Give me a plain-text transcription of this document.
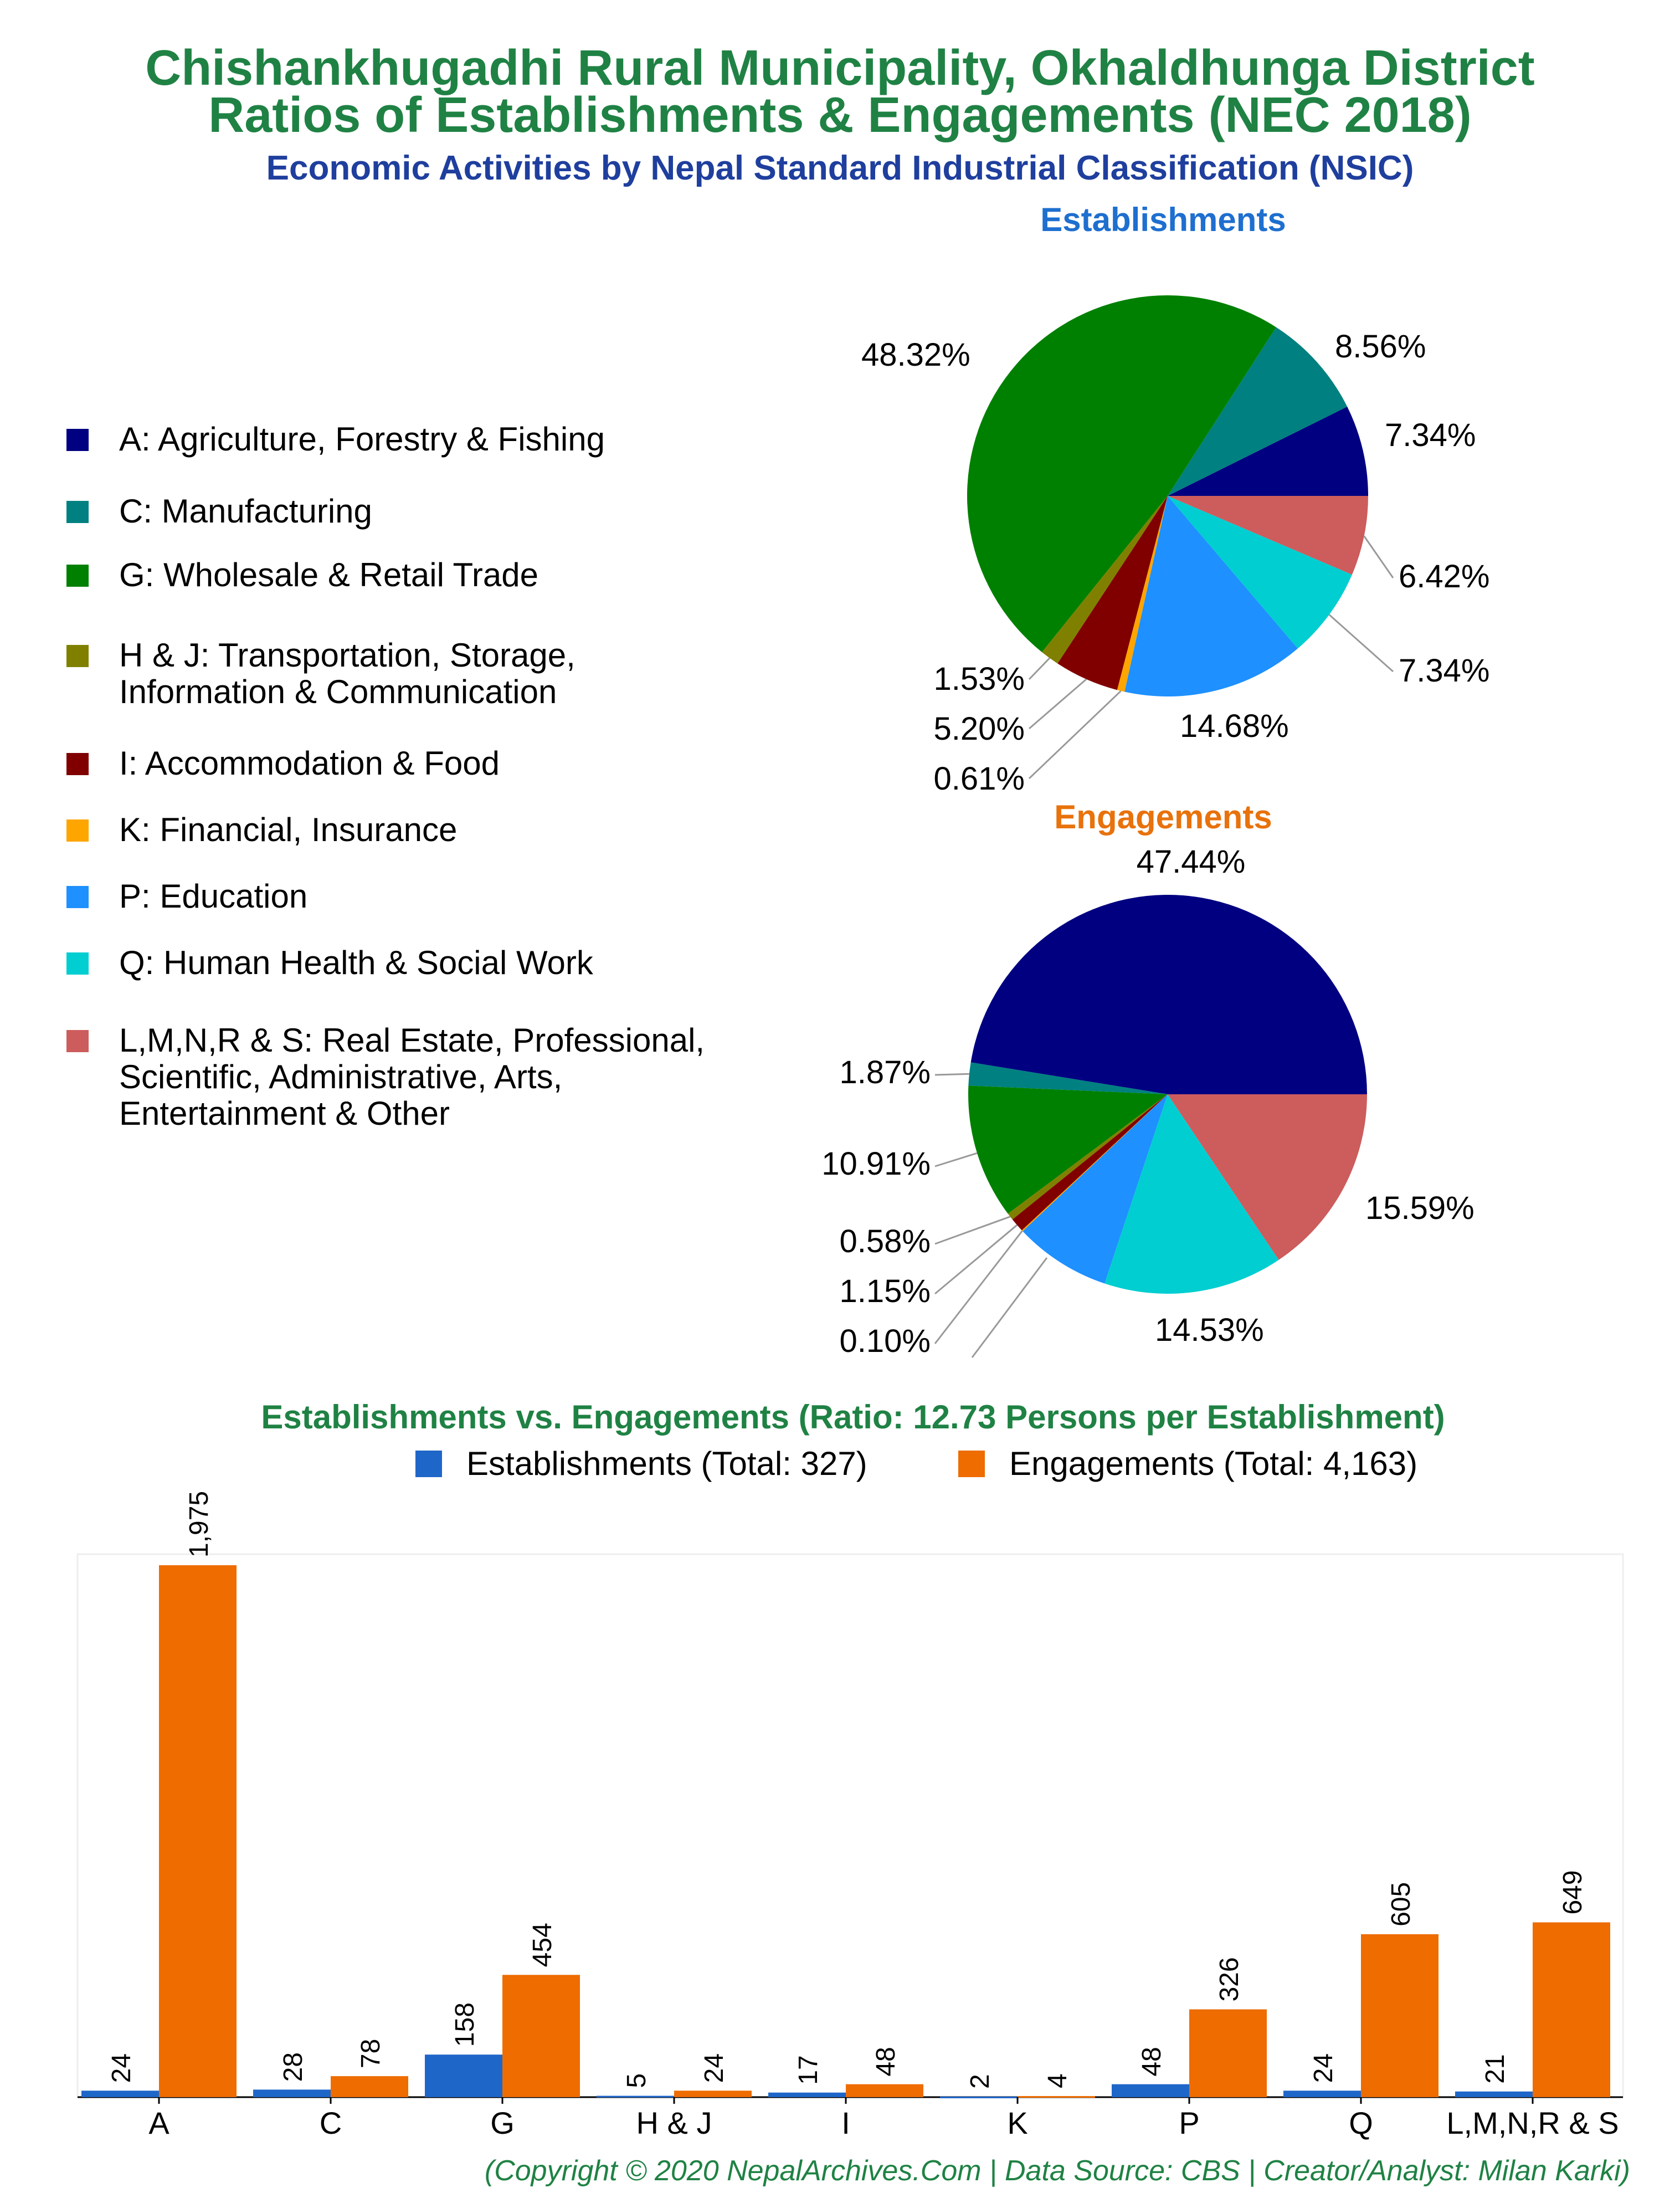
Chishankhugadhi Rural Municipality, Okhaldhunga District
Ratios of Establishments & Engagements (NEC 2018)
Economic Activities by Nepal Standard Industrial Classification (NSIC)
Establishments
Engagements
A: Agriculture, Forestry & Fishing
C: Manufacturing
G: Wholesale & Retail Trade
H & J: Transportation, Storage,
Information & Communication
I: Accommodation & Food
K: Financial, Insurance
P: Education
Q: Human Health & Social Work
L,M,N,R & S: Real Estate, Professional,
Scientific, Administrative, Arts,
Entertainment & Other
7.34%
8.56%
48.32%
1.53%
5.20%
0.61%
14.68%
7.34%
6.42%
47.44%
1.87%
10.91%
0.58%
1.15%
0.10%	14.53%
15.59%
Establishments vs. Engagements (Ratio: 12.73 Persons per Establishment)
Establishments (Total: 327)	Engagements (Total: 4,163)
24
1,975
A
28 78
C
158
454
G
5 24
H & J
17 48
I
2 4
K
48
326
P
24
605
Q
21
649
L,M,N,R & S
(Copyright © 2020 NepalArchives.Com | Data Source: CBS | Creator/Analyst: Milan Karki)
